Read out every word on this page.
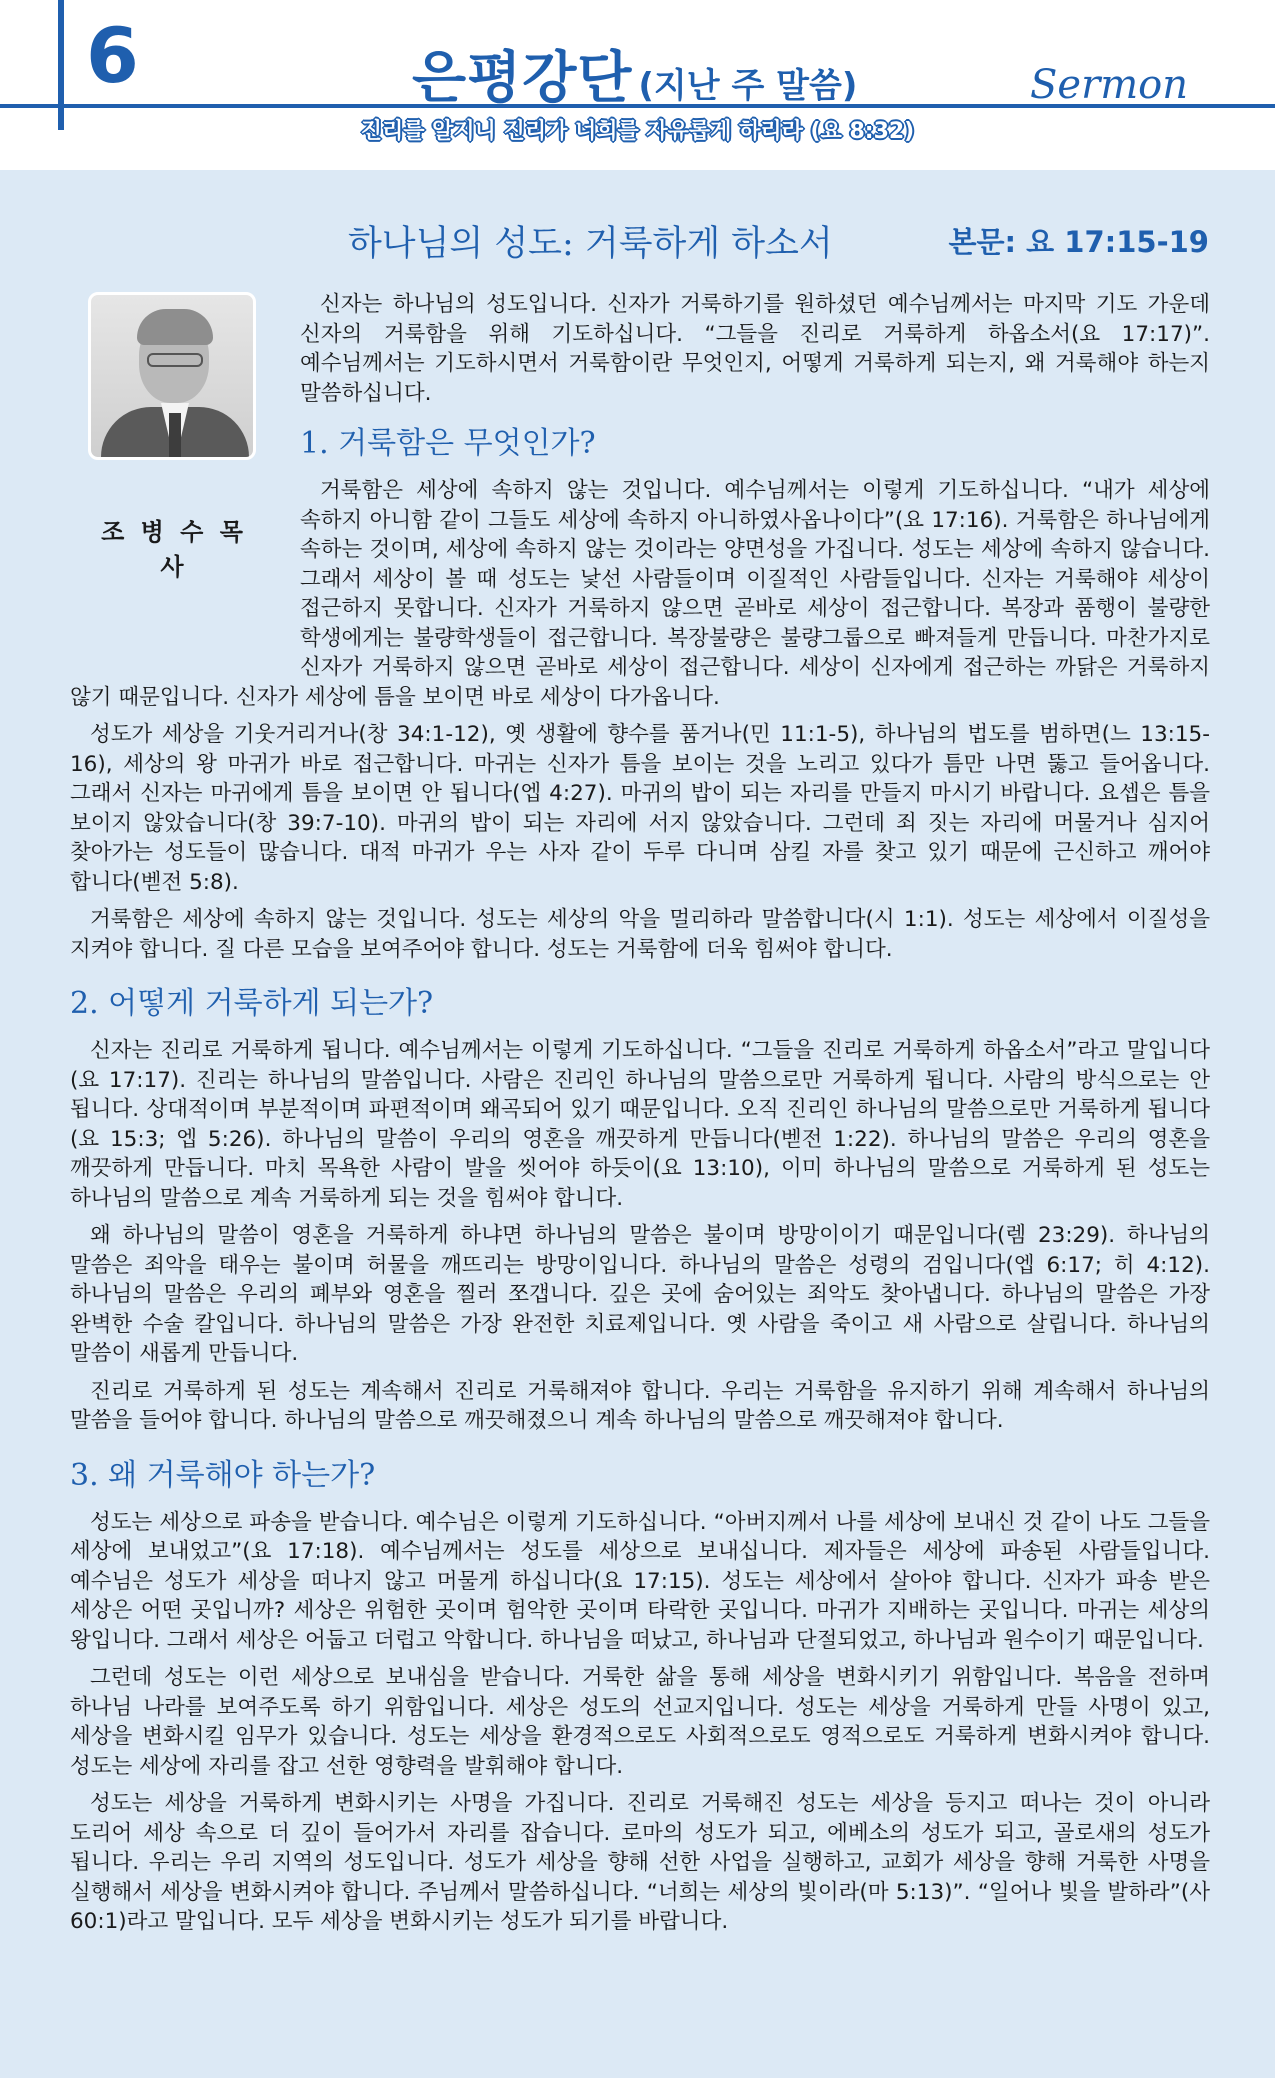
6	은평강단 (지난 주 말씀)	Sermon
진리를 알지니 진리가 너희를 자유롭게 하리라 (요 8:32)
하나님의 성도: 거룩하게 하소서	본문: 요 17:15-19
조 병 수 목사

신자는 하나님의 성도입니다. 신자가 거룩하기를 원하셨던 예수님께서는 마지막 기도 가운데 신자의 거룩함을 위해 기도하십니다. “그들을 진리로 거룩하게 하옵소서(요 17:17)”. 예수님께서는 기도하시면서 거룩함이란 무엇인지, 어떻게 거룩하게 되는지, 왜 거룩해야 하는지 말씀하십니다.

1. 거룩함은 무엇인가?

거룩함은 세상에 속하지 않는 것입니다. 예수님께서는 이렇게 기도하십니다. “내가 세상에 속하지 아니함 같이 그들도 세상에 속하지 아니하였사옵나이다”(요 17:16). 거룩함은 하나님에게 속하는 것이며, 세상에 속하지 않는 것이라는 양면성을 가집니다. 성도는 세상에 속하지 않습니다. 그래서 세상이 볼 때 성도는 낯선 사람들이며 이질적인 사람들입니다. 신자는 거룩해야 세상이 접근하지 못합니다. 신자가 거룩하지 않으면 곧바로 세상이 접근합니다. 복장과 품행이 불량한 학생에게는 불량학생들이 접근합니다. 복장불량은 불량그룹으로 빠져들게 만듭니다. 마찬가지로 신자가 거룩하지 않으면 곧바로 세상이 접근합니다. 세상이 신자에게 접근하는 까닭은 거룩하지 않기 때문입니다. 신자가 세상에 틈을 보이면 바로 세상이 다가옵니다.

성도가 세상을 기웃거리거나(창 34:1-12), 옛 생활에 향수를 품거나(민 11:1-5), 하나님의 법도를 범하면(느 13:15-16), 세상의 왕 마귀가 바로 접근합니다. 마귀는 신자가 틈을 보이는 것을 노리고 있다가 틈만 나면 뚫고 들어옵니다. 그래서 신자는 마귀에게 틈을 보이면 안 됩니다(엡 4:27). 마귀의 밥이 되는 자리를 만들지 마시기 바랍니다. 요셉은 틈을 보이지 않았습니다(창 39:7-10). 마귀의 밥이 되는 자리에 서지 않았습니다. 그런데 죄 짓는 자리에 머물거나 심지어 찾아가는 성도들이 많습니다. 대적 마귀가 우는 사자 같이 두루 다니며 삼킬 자를 찾고 있기 때문에 근신하고 깨어야 합니다(벧전 5:8).

거룩함은 세상에 속하지 않는 것입니다. 성도는 세상의 악을 멀리하라 말씀합니다(시 1:1). 성도는 세상에서 이질성을 지켜야 합니다. 질 다른 모습을 보여주어야 합니다. 성도는 거룩함에 더욱 힘써야 합니다.

2. 어떻게 거룩하게 되는가?

신자는 진리로 거룩하게 됩니다. 예수님께서는 이렇게 기도하십니다. “그들을 진리로 거룩하게 하옵소서”라고 말입니다(요 17:17). 진리는 하나님의 말씀입니다. 사람은 진리인 하나님의 말씀으로만 거룩하게 됩니다. 사람의 방식으로는 안 됩니다. 상대적이며 부분적이며 파편적이며 왜곡되어 있기 때문입니다. 오직 진리인 하나님의 말씀으로만 거룩하게 됩니다(요 15:3; 엡 5:26). 하나님의 말씀이 우리의 영혼을 깨끗하게 만듭니다(벧전 1:22). 하나님의 말씀은 우리의 영혼을 깨끗하게 만듭니다. 마치 목욕한 사람이 발을 씻어야 하듯이(요 13:10), 이미 하나님의 말씀으로 거룩하게 된 성도는 하나님의 말씀으로 계속 거룩하게 되는 것을 힘써야 합니다.

왜 하나님의 말씀이 영혼을 거룩하게 하냐면 하나님의 말씀은 불이며 방망이이기 때문입니다(렘 23:29). 하나님의 말씀은 죄악을 태우는 불이며 허물을 깨뜨리는 방망이입니다. 하나님의 말씀은 성령의 검입니다(엡 6:17; 히 4:12). 하나님의 말씀은 우리의 폐부와 영혼을 찔러 쪼갭니다. 깊은 곳에 숨어있는 죄악도 찾아냅니다. 하나님의 말씀은 가장 완벽한 수술 칼입니다. 하나님의 말씀은 가장 완전한 치료제입니다. 옛 사람을 죽이고 새 사람으로 살립니다. 하나님의 말씀이 새롭게 만듭니다.

진리로 거룩하게 된 성도는 계속해서 진리로 거룩해져야 합니다. 우리는 거룩함을 유지하기 위해 계속해서 하나님의 말씀을 들어야 합니다. 하나님의 말씀으로 깨끗해졌으니 계속 하나님의 말씀으로 깨끗해져야 합니다.

3. 왜 거룩해야 하는가?

성도는 세상으로 파송을 받습니다. 예수님은 이렇게 기도하십니다. “아버지께서 나를 세상에 보내신 것 같이 나도 그들을 세상에 보내었고”(요 17:18). 예수님께서는 성도를 세상으로 보내십니다. 제자들은 세상에 파송된 사람들입니다. 예수님은 성도가 세상을 떠나지 않고 머물게 하십니다(요 17:15). 성도는 세상에서 살아야 합니다. 신자가 파송 받은 세상은 어떤 곳입니까? 세상은 위험한 곳이며 험악한 곳이며 타락한 곳입니다. 마귀가 지배하는 곳입니다. 마귀는 세상의 왕입니다. 그래서 세상은 어둡고 더럽고 악합니다. 하나님을 떠났고, 하나님과 단절되었고, 하나님과 원수이기 때문입니다.

그런데 성도는 이런 세상으로 보내심을 받습니다. 거룩한 삶을 통해 세상을 변화시키기 위함입니다. 복음을 전하며 하나님 나라를 보여주도록 하기 위함입니다. 세상은 성도의 선교지입니다. 성도는 세상을 거룩하게 만들 사명이 있고, 세상을 변화시킬 임무가 있습니다. 성도는 세상을 환경적으로도 사회적으로도 영적으로도 거룩하게 변화시켜야 합니다. 성도는 세상에 자리를 잡고 선한 영향력을 발휘해야 합니다.

성도는 세상을 거룩하게 변화시키는 사명을 가집니다. 진리로 거룩해진 성도는 세상을 등지고 떠나는 것이 아니라 도리어 세상 속으로 더 깊이 들어가서 자리를 잡습니다. 로마의 성도가 되고, 에베소의 성도가 되고, 골로새의 성도가 됩니다. 우리는 우리 지역의 성도입니다. 성도가 세상을 향해 선한 사업을 실행하고, 교회가 세상을 향해 거룩한 사명을 실행해서 세상을 변화시켜야 합니다. 주님께서 말씀하십니다. “너희는 세상의 빛이라(마 5:13)”. “일어나 빛을 발하라”(사 60:1)라고 말입니다. 모두 세상을 변화시키는 성도가 되기를 바랍니다.
